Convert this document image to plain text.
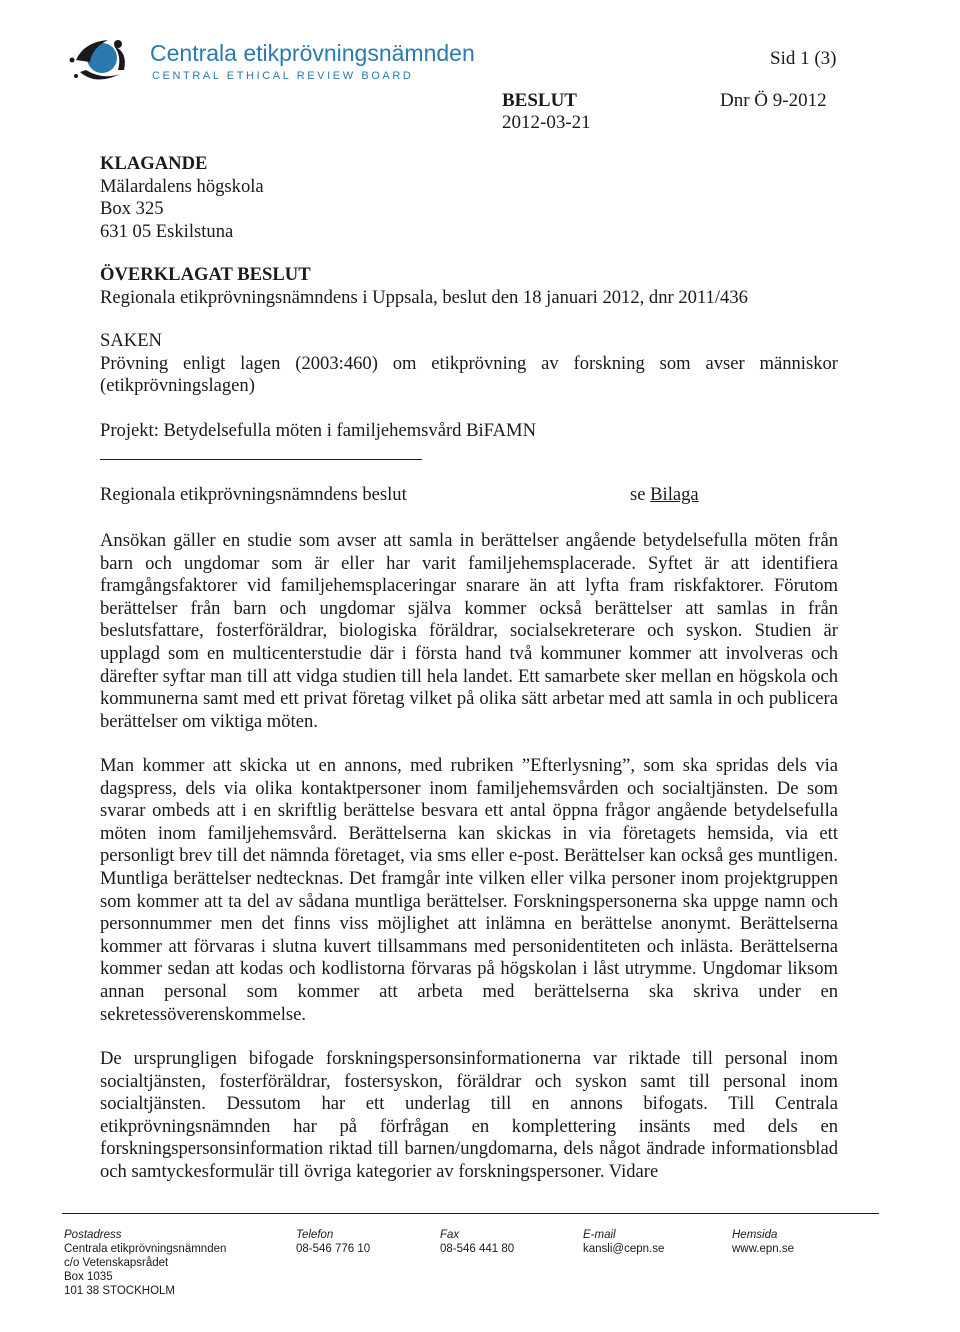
Centrala etikprövningsnämnden
CENTRAL ETHICAL REVIEW BOARD
Sid 1 (3)
BESLUT
2012-03-21
Dnr Ö 9-2012
KLAGANDE
Mälardalens högskola
Box 325
631 05 Eskilstuna
ÖVERKLAGAT BESLUT
Regionala etikprövningsnämndens i Uppsala, beslut den 18 januari 2012, dnr 2011/436
SAKEN
Prövning enligt lagen (2003:460) om etikprövning av forskning som avser människor (etikprövningslagen)
Projekt: Betydelsefulla möten i familjehemsvård BiFAMN
Regionala etikprövningsnämndens beslut	se Bilaga
Ansökan gäller en studie som avser att samla in berättelser angående betydelsefulla möten från barn och ungdomar som är eller har varit familjehemsplacerade. Syftet är att identifiera framgångsfaktorer vid familjehemsplaceringar snarare än att lyfta fram riskfaktorer. Förutom berättelser från barn och ungdomar själva kommer också berättelser att samlas in från beslutsfattare, fosterföräldrar, biologiska föräldrar, socialsekreterare och syskon. Studien är upplagd som en multicenterstudie där i första hand två kommuner kommer att involveras och därefter syftar man till att vidga studien till hela landet. Ett samarbete sker mellan en högskola och kommunerna samt med ett privat företag vilket på olika sätt arbetar med att samla in och publicera berättelser om viktiga möten.
Man kommer att skicka ut en annons, med rubriken ”Efterlysning”, som ska spridas dels via dagspress, dels via olika kontaktpersoner inom familjehemsvården och socialtjänsten. De som svarar ombeds att i en skriftlig berättelse besvara ett antal öppna frågor angående betydelsefulla möten inom familjehemsvård. Berättelserna kan skickas in via företagets hemsida, via ett personligt brev till det nämnda företaget, via sms eller e-post. Berättelser kan också ges muntligen. Muntliga berättelser nedtecknas. Det framgår inte vilken eller vilka personer inom projektgruppen som kommer att ta del av sådana muntliga berättelser. Forskningspersonerna ska uppge namn och personnummer men det finns viss möjlighet att inlämna en berättelse anonymt. Berättelserna kommer att förvaras i slutna kuvert tillsammans med personidentiteten och inlästa. Berättelserna kommer sedan att kodas och kodlistorna förvaras på högskolan i låst utrymme. Ungdomar liksom annan personal som kommer att arbeta med berättelserna ska skriva under en sekretessöverenskommelse.
De ursprungligen bifogade forskningspersonsinformationerna var riktade till personal inom socialtjänsten, fosterföräldrar, fostersyskon, föräldrar och syskon samt till personal inom socialtjänsten. Dessutom har ett underlag till en annons bifogats. Till Centrala etikprövningsnämnden har på förfrågan en komplettering insänts med dels en forskningspersonsinformation riktad till barnen/ungdomarna, dels något ändrade informationsblad och samtyckesformulär till övriga kategorier av forskningspersoner. Vidare
Postadress
Centrala etikprövningsnämnden
c/o Vetenskapsrådet
Box 1035
101 38 STOCKHOLM
Telefon
08-546 776 10
Fax
08-546 441 80
E-mail
kansli@cepn.se
Hemsida
www.epn.se
